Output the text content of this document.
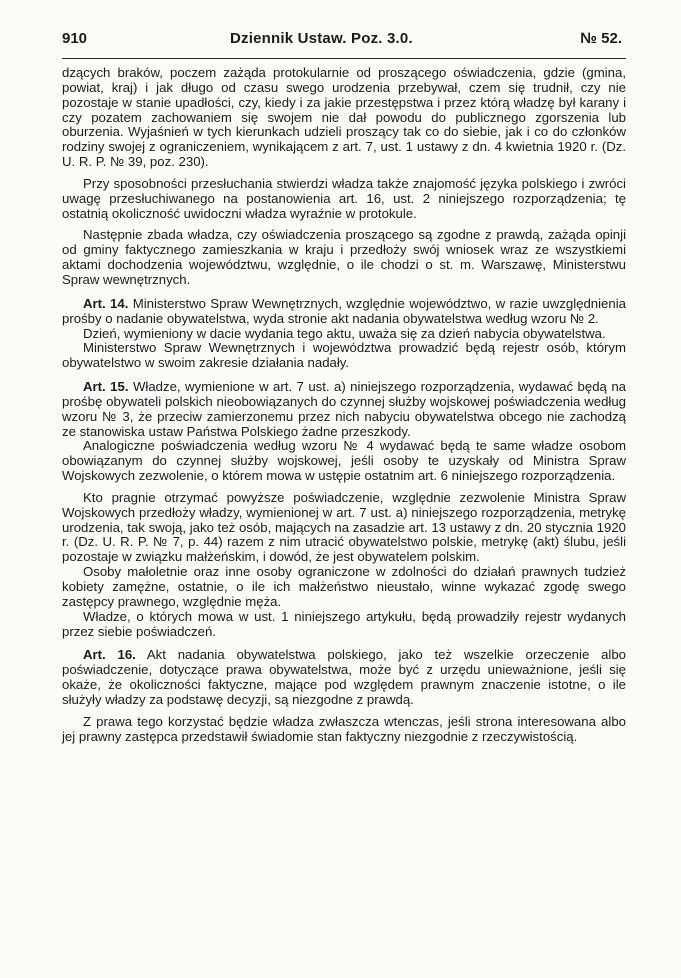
910	Dziennik Ustaw. Poz. 3.0.	№ 52.

dzących braków, poczem zażąda protokularnie od proszącego oświadczenia, gdzie (gmina, powiat, kraj) i jak długo od czasu swego urodzenia przebywał, czem się trudnił, czy nie pozostaje w stanie upadłości, czy, kiedy i za jakie przestępstwa i przez którą władzę był karany i czy pozatem zachowaniem się swojem nie dał powodu do publicznego zgorszenia lub oburzenia. Wyjaśnień w tych kierunkach udzieli proszący tak co do siebie, jak i co do członków rodziny swojej z ograniczeniem, wynikającem z art. 7, ust. 1 ustawy z dn. 4 kwietnia 1920 r. (Dz. U. R. P. № 39, poz. 230).

Przy sposobności przesłuchania stwierdzi władza także znajomość języka polskiego i zwróci uwagę przesłuchiwanego na postanowienia art. 16, ust. 2 niniejszego rozporządzenia; tę ostatnią okoliczność uwidoczni władza wyraźnie w protokule.

Następnie zbada władza, czy oświadczenia proszącego są zgodne z prawdą, zażąda opinji od gminy faktycznego zamieszkania w kraju i przedłoży swój wniosek wraz ze wszystkiemi aktami dochodzenia województwu, względnie, o ile chodzi o st. m. Warszawę, Ministerstwu Spraw wewnętrznych.

Art. 14. Ministerstwo Spraw Wewnętrznych, względnie województwo, w razie uwzględnienia prośby o nadanie obywatelstwa, wyda stronie akt nadania obywatelstwa według wzoru № 2.

Dzień, wymieniony w dacie wydania tego aktu, uważa się za dzień nabycia obywatelstwa.

Ministerstwo Spraw Wewnętrznych i województwa prowadzić będą rejestr osób, którym obywatelstwo w swoim zakresie działania nadały.

Art. 15. Władze, wymienione w art. 7 ust. a) niniejszego rozporządzenia, wydawać będą na prośbę obywateli polskich nieobowiązanych do czynnej służby wojskowej poświadczenia według wzoru № 3, że przeciw zamierzonemu przez nich nabyciu obywatelstwa obcego nie zachodzą ze stanowiska ustaw Państwa Polskiego żadne przeszkody.

Analogiczne poświadczenia według wzoru № 4 wydawać będą te same władze osobom obowiązanym do czynnej służby wojskowej, jeśli osoby te uzyskały od Ministra Spraw Wojskowych zezwolenie, o którem mowa w ustępie ostatnim art. 6 niniejszego rozporządzenia.

Kto pragnie otrzymać powyższe poświadczenie, względnie zezwolenie Ministra Spraw Wojskowych przedłoży władzy, wymienionej w art. 7 ust. a) niniejszego rozporządzenia, metrykę urodzenia, tak swoją, jako też osób, mających na zasadzie art. 13 ustawy z dn. 20 stycznia 1920 r. (Dz. U. R. P. № 7, p. 44) razem z nim utracić obywatelstwo polskie, metrykę (akt) ślubu, jeśli pozostaje w związku małżeńskim, i dowód, że jest obywatelem polskim.

Osoby małoletnie oraz inne osoby ograniczone w zdolności do działań prawnych tudzież kobiety zamężne, ostatnie, o ile ich małżeństwo nieustało, winne wykazać zgodę swego zastępcy prawnego, względnie męża.

Władze, o których mowa w ust. 1 niniejszego artykułu, będą prowadziły rejestr wydanych przez siebie poświadczeń.

Art. 16. Akt nadania obywatelstwa polskiego, jako też wszelkie orzeczenie albo poświadczenie, dotyczące prawa obywatelstwa, może być z urzędu unieważnione, jeśli się okaże, że okoliczności faktyczne, mające pod względem prawnym znaczenie istotne, o ile służyły władzy za podstawę decyzji, są niezgodne z prawdą.

Z prawa tego korzystać będzie władza zwłaszcza wtenczas, jeśli strona interesowana albo jej prawny zastępca przedstawił świadomie stan faktyczny niezgodnie z rzeczywistością.
